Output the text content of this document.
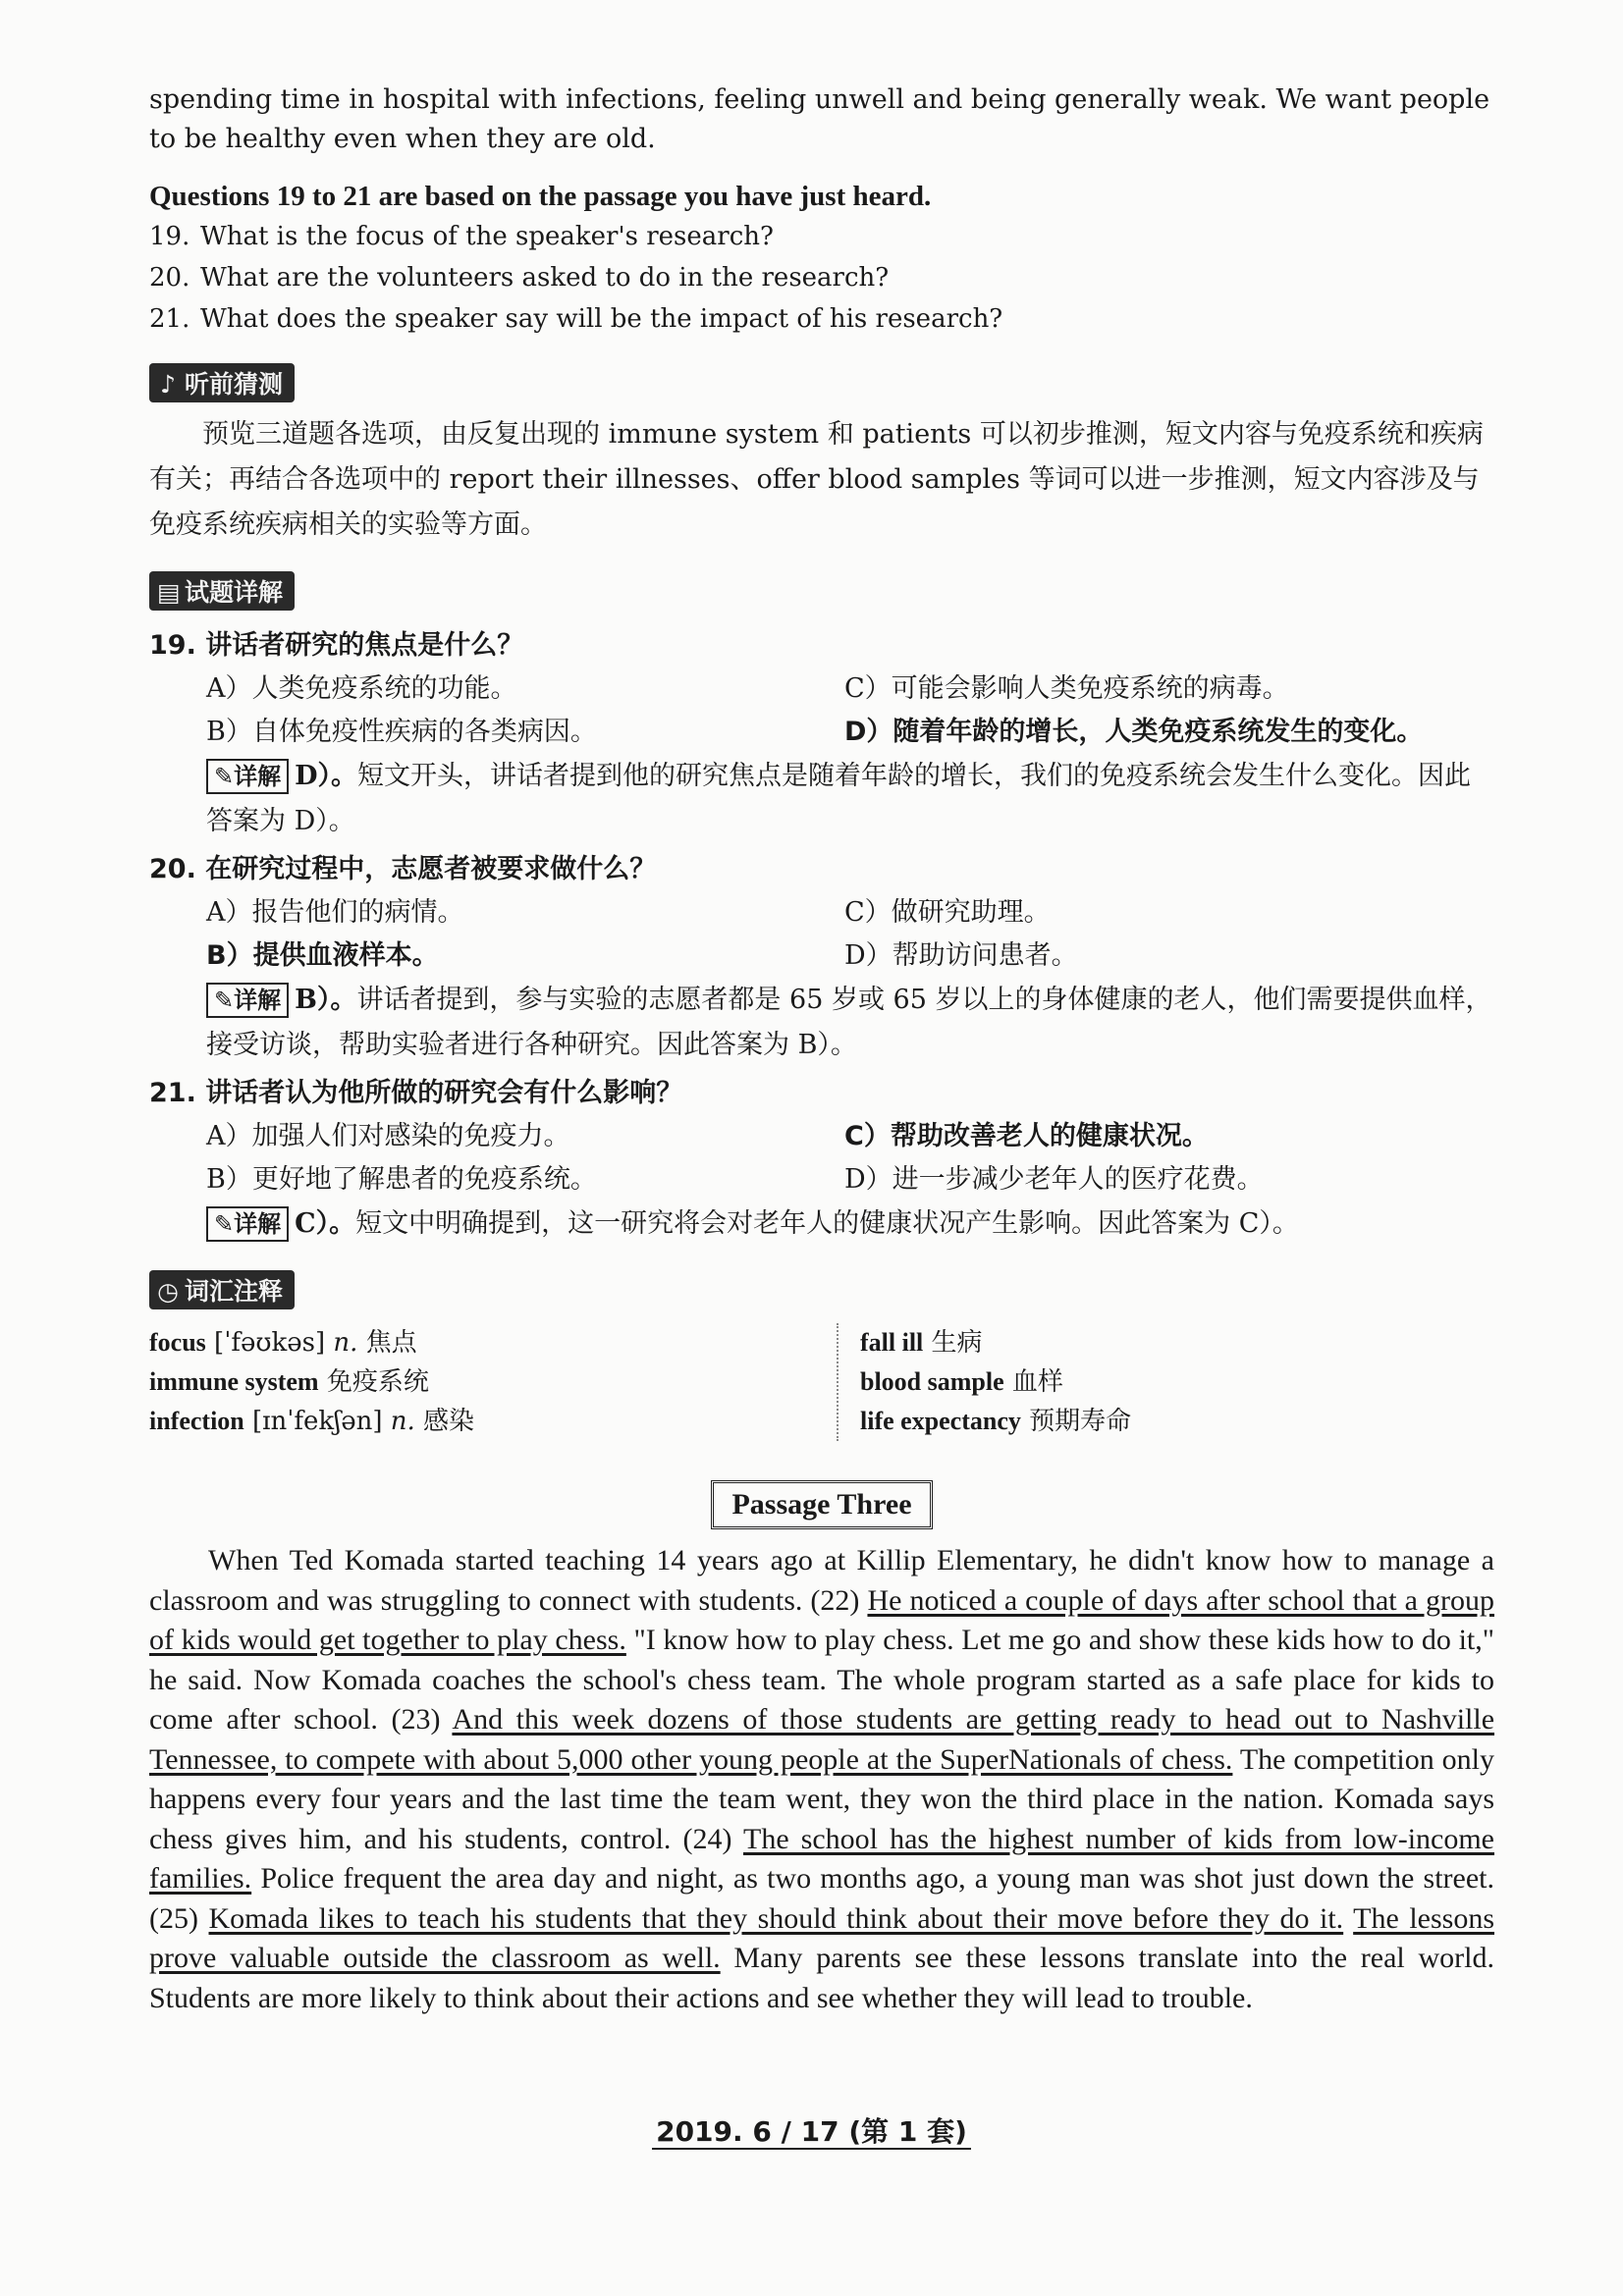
spending time in hospital with infections, feeling unwell and being generally weak. We want people to be healthy even when they are old.

Questions 19 to 21 are based on the passage you have just heard.

19. What is the focus of the speaker's research?
20. What are the volunteers asked to do in the research?
21. What does the speaker say will be the impact of his research?
♪ 听前猜测

预览三道题各选项，由反复出现的 immune system 和 patients 可以初步推测，短文内容与免疫系统和疾病有关；再结合各选项中的 report their illnesses、offer blood samples 等词可以进一步推测，短文内容涉及与免疫系统疾病相关的实验等方面。

▤ 试题详解
19. 讲话者研究的焦点是什么？
A）人类免疫系统的功能。	C）可能会影响人类免疫系统的病毒。
B）自体免疫性疾病的各类病因。	D）随着年龄的增长，人类免疫系统发生的变化。
✎详解 D）。短文开头，讲话者提到他的研究焦点是随着年龄的增长，我们的免疫系统会发生什么变化。因此答案为 D）。
20. 在研究过程中，志愿者被要求做什么？
A）报告他们的病情。	C）做研究助理。
B）提供血液样本。	D）帮助访问患者。
✎详解 B）。讲话者提到，参与实验的志愿者都是 65 岁或 65 岁以上的身体健康的老人，他们需要提供血样，接受访谈，帮助实验者进行各种研究。因此答案为 B）。
21. 讲话者认为他所做的研究会有什么影响？
A）加强人们对感染的免疫力。	C）帮助改善老人的健康状况。
B）更好地了解患者的免疫系统。	D）进一步减少老年人的医疗花费。
✎详解 C）。短文中明确提到，这一研究将会对老年人的健康状况产生影响。因此答案为 C）。
◷ 词汇注释
focus [ˈfəʊkəs] n. 焦点
immune system 免疫系统
infection [ɪnˈfekʃən] n. 感染
fall ill 生病
blood sample 血样
life expectancy 预期寿命
Passage Three

When Ted Komada started teaching 14 years ago at Killip Elementary, he didn't know how to manage a classroom and was struggling to connect with students. (22) He noticed a couple of days after school that a group of kids would get together to play chess. "I know how to play chess. Let me go and show these kids how to do it," he said. Now Komada coaches the school's chess team. The whole program started as a safe place for kids to come after school. (23) And this week dozens of those students are getting ready to head out to Nashville Tennessee, to compete with about 5,000 other young people at the SuperNationals of chess. The competition only happens every four years and the last time the team went, they won the third place in the nation. Komada says chess gives him, and his students, control. (24) The school has the highest number of kids from low-income families. Police frequent the area day and night, as two months ago, a young man was shot just down the street. (25) Komada likes to teach his students that they should think about their move before they do it. The lessons prove valuable outside the classroom as well. Many parents see these lessons translate into the real world. Students are more likely to think about their actions and see whether they will lead to trouble.

2019. 6 / 17 (第 1 套)
